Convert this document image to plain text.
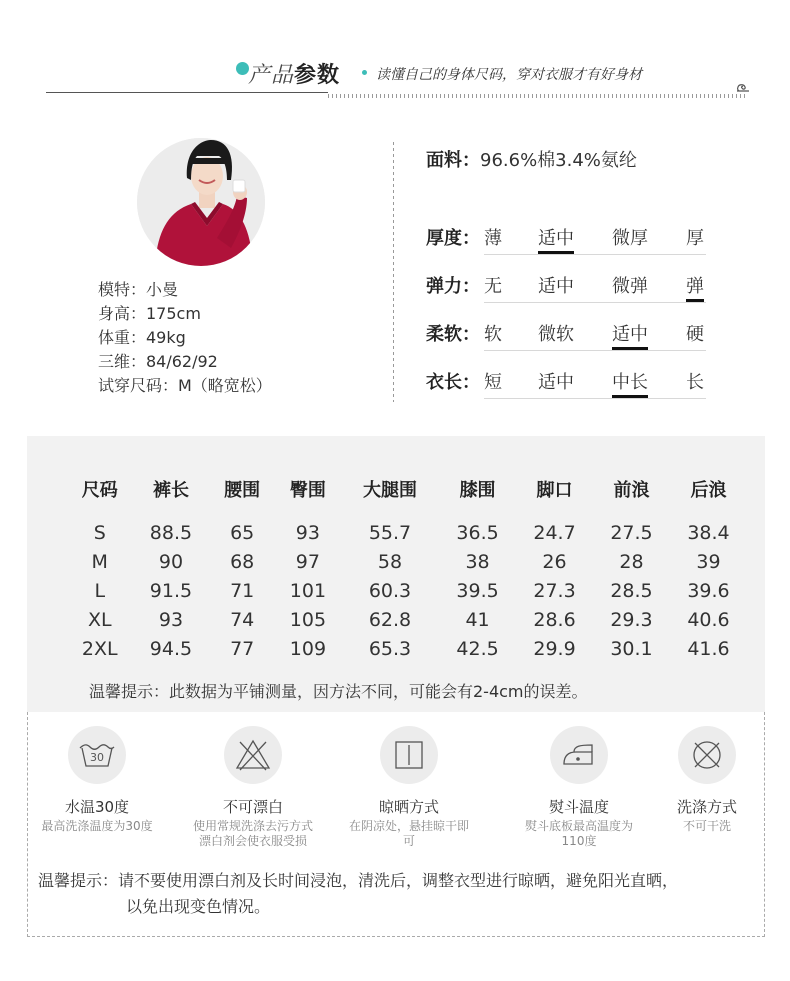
产品参数	读懂自己的身体尺码，穿对衣服才有好身材
模特：小曼
身高：175cm
体重：49kg
三维：84/62/92
试穿尺码：M（略宽松）
面料：96.6%棉3.4%氨纶
厚度： 薄 适中 微厚 厚
弹力： 无 适中 微弹 弹
柔软： 软 微软 适中 硬
衣长： 短 适中 中长 长
尺码	裤长	腰围	臀围	大腿围	膝围	脚口	前浪	后浪

S	88.5	65	93	55.7	36.5	24.7	27.5	38.4
M	90	68	97	58	38	26	28	39
L	91.5	71	101	60.3	39.5	27.3	28.5	39.6
XL	93	74	105	62.8	41	28.6	29.3	40.6
2XL	94.5	77	109	65.3	42.5	29.9	30.1	41.6
温馨提示：此数据为平铺测量，因方法不同，可能会有2-4cm的误差。
30
水温30度
最高洗涤温度为30度
不可漂白
使用常规洗涤去污方式
漂白剂会使衣服受损
晾晒方式
在阴凉处，悬挂晾干即可
熨斗温度
熨斗底板最高温度为110度
洗涤方式
不可干洗
温馨提示：请不要使用漂白剂及长时间浸泡，清洗后，调整衣型进行晾晒，避免阳光直晒，
以免出现变色情况。
